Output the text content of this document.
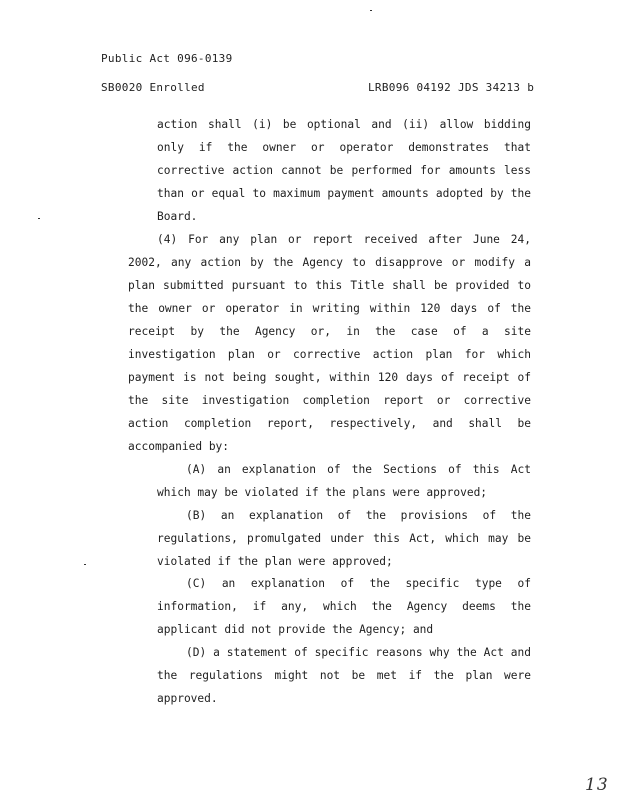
Public Act 096-0139
SB0020 Enrolled	LRB096 04192 JDS 34213 b
action shall (i) be optional and (ii) allow bidding
only if the owner or operator demonstrates that
corrective action cannot be performed for amounts less
than or equal to maximum payment amounts adopted by the
Board.
(4) For any plan or report received after June 24,
2002, any action by the Agency to disapprove or modify a
plan submitted pursuant to this Title shall be provided to
the owner or operator in writing within 120 days of the
receipt by the Agency or, in the case of a site
investigation plan or corrective action plan for which
payment is not being sought, within 120 days of receipt of
the site investigation completion report or corrective
action completion report, respectively, and shall be
accompanied by:
(A) an explanation of the Sections of this Act
which may be violated if the plans were approved;
(B) an explanation of the provisions of the
regulations, promulgated under this Act, which may be
violated if the plan were approved;
(C) an explanation of the specific type of
information, if any, which the Agency deems the
applicant did not provide the Agency; and
(D) a statement of specific reasons why the Act and
the regulations might not be met if the plan were
approved.
13
